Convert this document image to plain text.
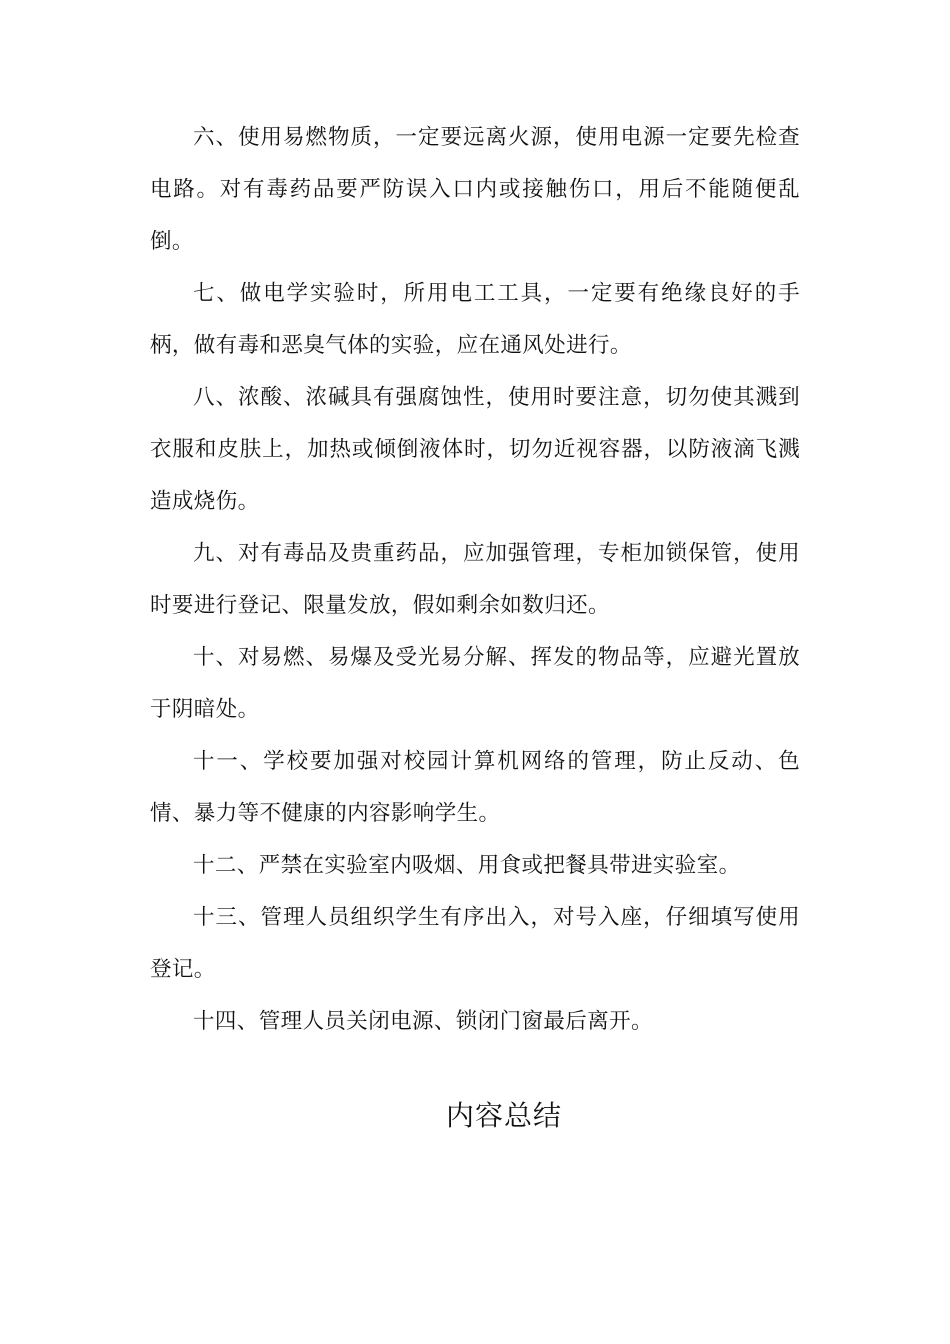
六、使用易燃物质，一定要远离火源，使用电源一定要先检查电路。对有毒药品要严防误入口内或接触伤口，用后不能随便乱倒。

七、做电学实验时，所用电工工具，一定要有绝缘良好的手柄，做有毒和恶臭气体的实验，应在通风处进行。

八、浓酸、浓碱具有强腐蚀性，使用时要注意，切勿使其溅到衣服和皮肤上，加热或倾倒液体时，切勿近视容器，以防液滴飞溅造成烧伤。

九、对有毒品及贵重药品，应加强管理，专柜加锁保管，使用时要进行登记、限量发放，假如剩余如数归还。

十、对易燃、易爆及受光易分解、挥发的物品等，应避光置放于阴暗处。

十一、学校要加强对校园计算机网络的管理，防止反动、色情、暴力等不健康的内容影响学生。

十二、严禁在实验室内吸烟、用食或把餐具带进实验室。

十三、管理人员组织学生有序出入，对号入座，仔细填写使用登记。

十四、管理人员关闭电源、锁闭门窗最后离开。

内容总结
